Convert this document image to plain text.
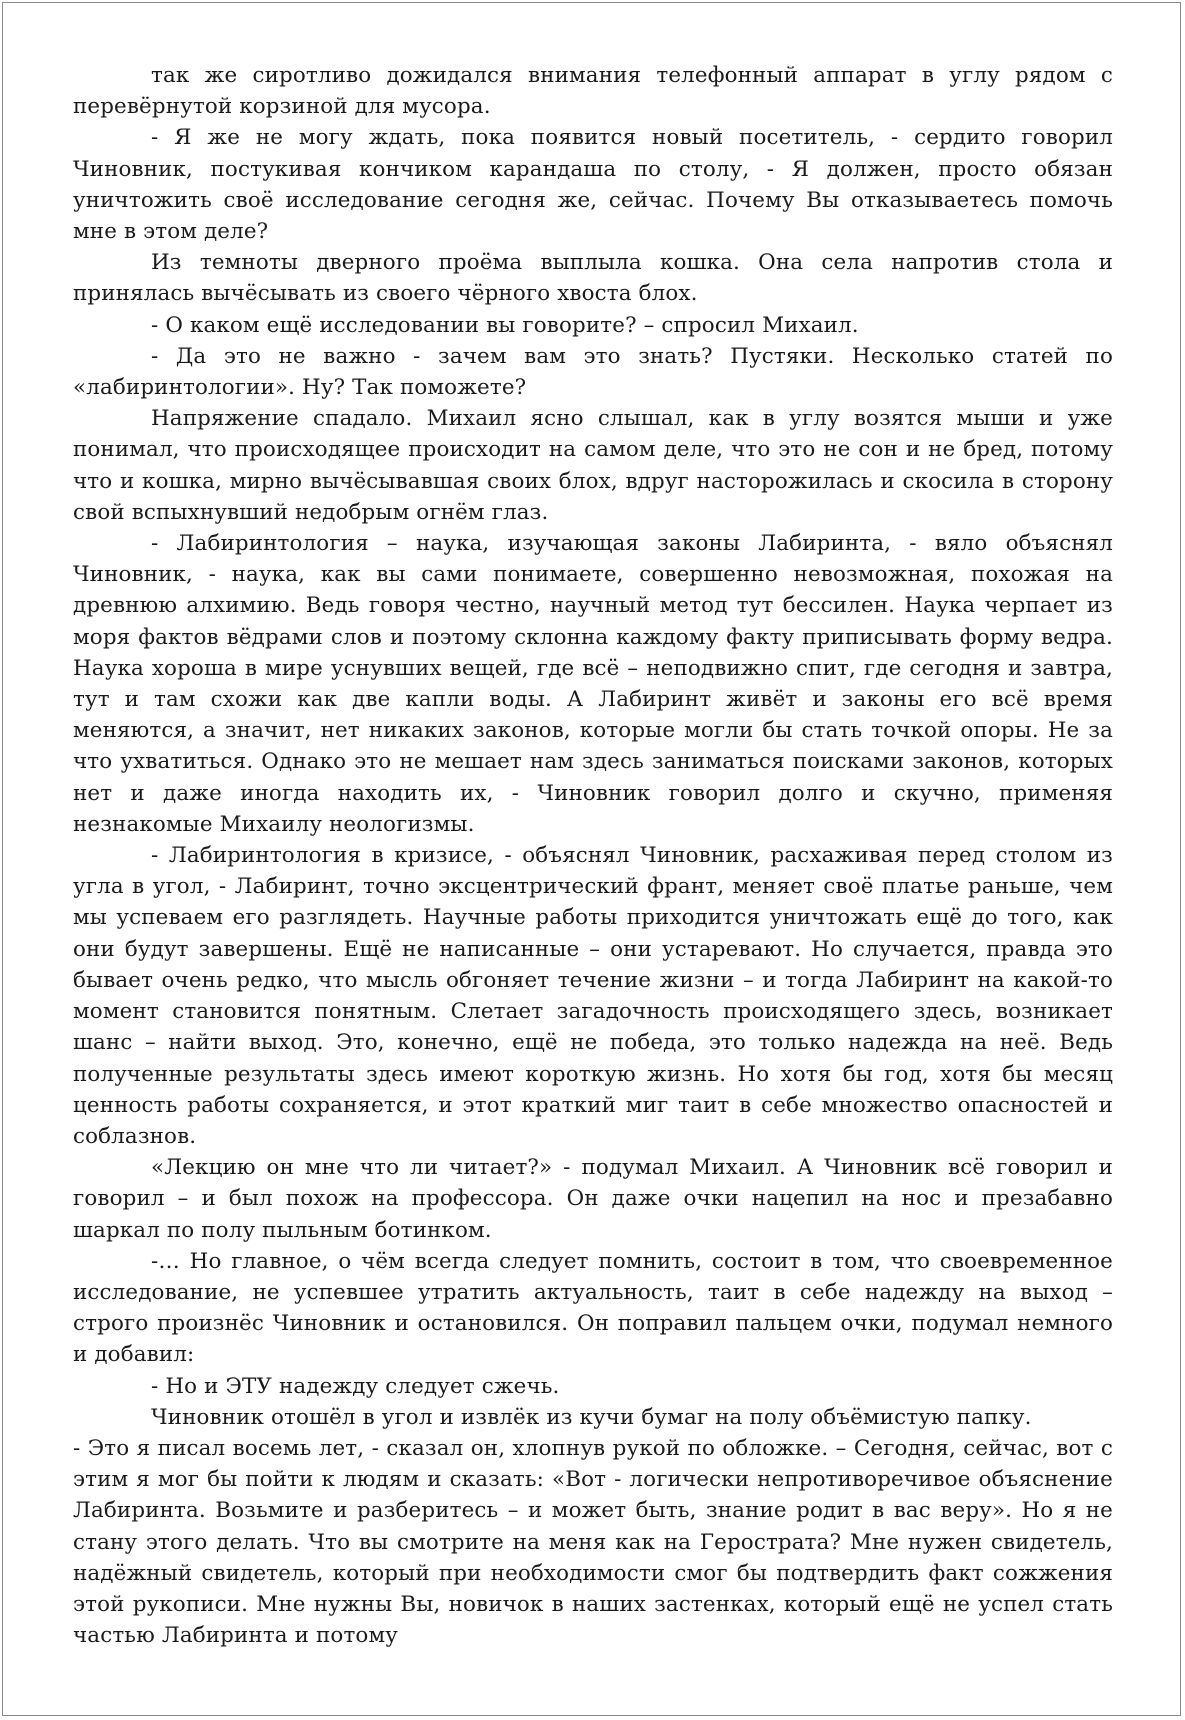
так же сиротливо дожидался внимания телефонный аппарат в углу рядом с перевёрнутой корзиной для мусора.

- Я же не могу ждать, пока появится новый посетитель, - сердито говорил Чиновник, постукивая кончиком карандаша по столу, - Я должен, просто обязан уничтожить своё исследование сегодня же, сейчас. Почему Вы отказываетесь помочь мне в этом деле?

Из темноты дверного проёма выплыла кошка. Она села напротив стола и принялась вычёсывать из своего чёрного хвоста блох.

- О каком ещё исследовании вы говорите? – спросил Михаил.

- Да это не важно - зачем вам это знать? Пустяки. Несколько статей по «лабиринтологии». Ну? Так поможете?

Напряжение спадало. Михаил ясно слышал, как в углу возятся мыши и уже понимал, что происходящее происходит на самом деле, что это не сон и не бред, потому что и кошка, мирно вычёсывавшая своих блох, вдруг насторожилась и скосила в сторону свой вспыхнувший недобрым огнём глаз.

- Лабиринтология – наука, изучающая законы Лабиринта, - вяло объяснял Чиновник, - наука, как вы сами понимаете, совершенно невозможная, похожая на древнюю алхимию. Ведь говоря честно, научный метод тут бессилен. Наука черпает из моря фактов вёдрами слов и поэтому склонна каждому факту приписывать форму ведра. Наука хороша в мире уснувших вещей, где всё – неподвижно спит, где сегодня и завтра, тут и там схожи как две капли воды. А Лабиринт живёт и законы его всё время меняются, а значит, нет никаких законов, которые могли бы стать точкой опоры. Не за что ухватиться. Однако это не мешает нам здесь заниматься поисками законов, которых нет и даже иногда находить их, - Чиновник говорил долго и скучно, применяя незнакомые Михаилу неологизмы.

- Лабиринтология в кризисе, - объяснял Чиновник, расхаживая перед столом из угла в угол, - Лабиринт, точно эксцентрический франт, меняет своё платье раньше, чем мы успеваем его разглядеть. Научные работы приходится уничтожать ещё до того, как они будут завершены. Ещё не написанные – они устаревают. Но случается, правда это бывает очень редко, что мысль обгоняет течение жизни – и тогда Лабиринт на какой-то момент становится понятным. Слетает загадочность происходящего здесь, возникает шанс – найти выход. Это, конечно, ещё не победа, это только надежда на неё. Ведь полученные результаты здесь имеют короткую жизнь. Но хотя бы год, хотя бы месяц ценность работы сохраняется, и этот краткий миг таит в себе множество опасностей и соблазнов.

«Лекцию он мне что ли читает?» - подумал Михаил. А Чиновник всё говорил и говорил – и был похож на профессора. Он даже очки нацепил на нос и презабавно шаркал по полу пыльным ботинком.

-… Но главное, о чём всегда следует помнить, состоит в том, что своевременное исследование, не успевшее утратить актуальность, таит в себе надежду на выход – строго произнёс Чиновник и остановился. Он поправил пальцем очки, подумал немного и добавил:

- Но и ЭТУ надежду следует сжечь.

Чиновник отошёл в угол и извлёк из кучи бумаг на полу объёмистую папку.

- Это я писал восемь лет, - сказал он, хлопнув рукой по обложке. – Сегодня, сейчас, вот с этим я мог бы пойти к людям и сказать: «Вот - логически непротиворечивое объяснение Лабиринта. Возьмите и разберитесь – и может быть, знание родит в вас веру». Но я не стану этого делать. Что вы смотрите на меня как на Герострата? Мне нужен свидетель, надёжный свидетель, который при необходимости смог бы подтвердить факт сожжения этой рукописи. Мне нужны Вы, новичок в наших застенках, который ещё не успел стать частью Лабиринта и потому
